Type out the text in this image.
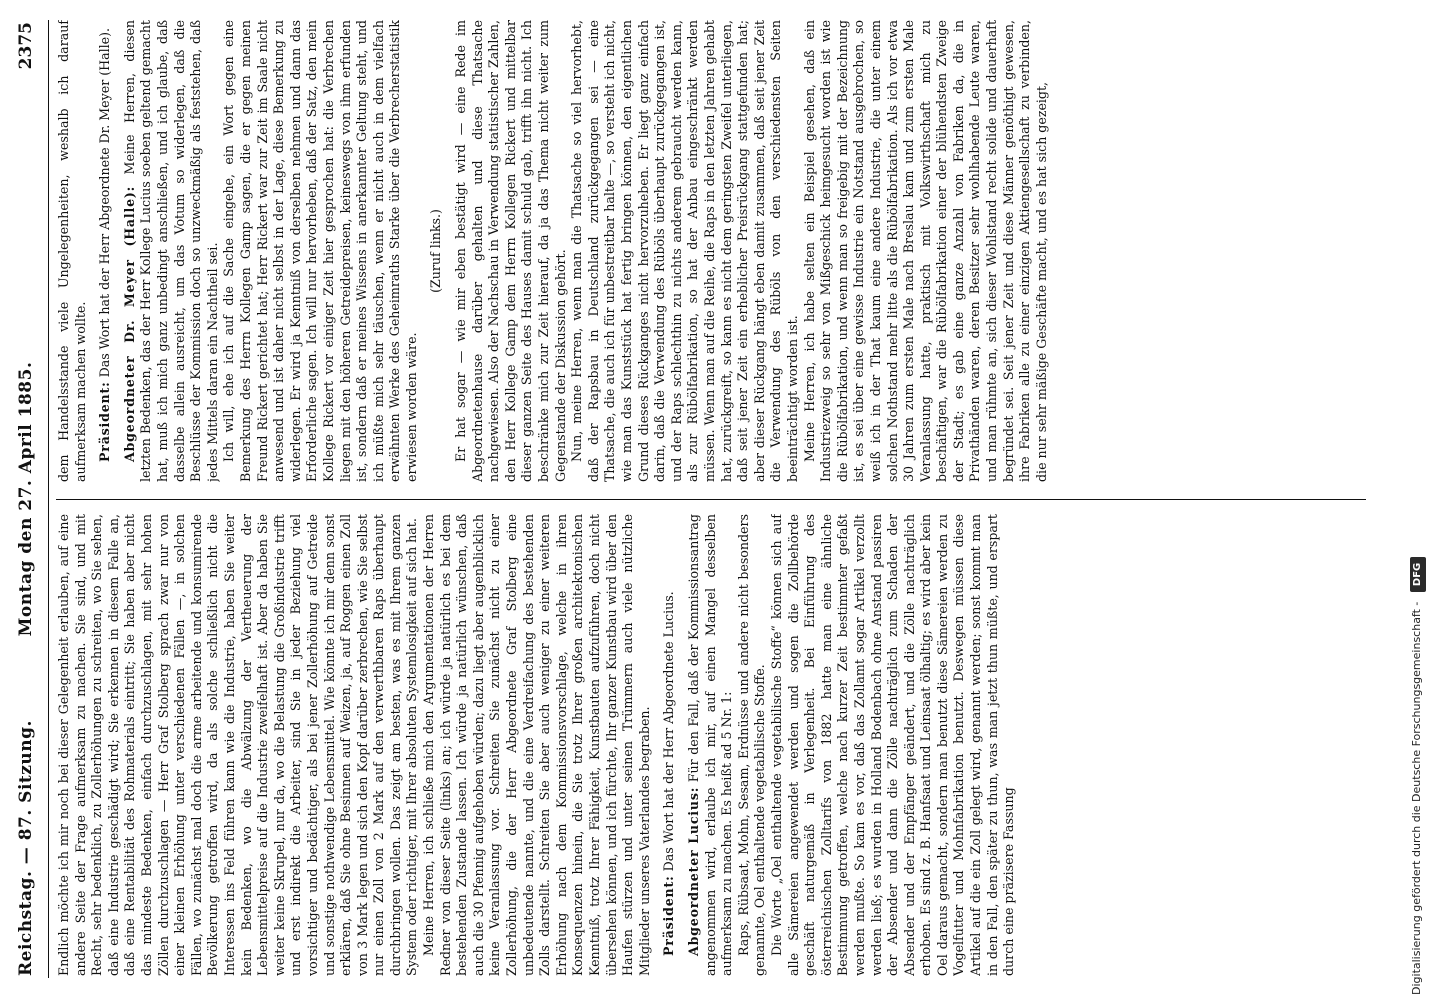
Reichstag. — 87. Sitzung.
Montag den 27. April 1885.
2375

Endlich möchte ich mir noch bei dieser Gelegenheit erlauben, auf eine andere Seite der Frage aufmerksam zu machen. Sie sind, und mit Recht, sehr bedenklich, zu Zollerhöhungen zu schreiten, wo Sie sehen, daß eine Industrie geschädigt wird; Sie erkennen in diesem Falle an, daß eine Rentabilität des Rohmaterials eintritt; Sie haben aber nicht das mindeste Bedenken, einfach durchzuschlagen, mit sehr hohen Zöllen durchzuschlagen — Herr Graf Stolberg sprach zwar nur von einer kleinen Erhöhung unter verschiedenen Fällen —, in solchen Fällen, wo zunächst mal doch die arme arbeitende und konsumirende Bevölkerung getroffen wird, da als solche schließlich nicht die Interessen ins Feld führen kann wie die Industrie, haben Sie weiter kein Bedenken, wo die Abwälzung der Vertheuerung der Lebensmittelpreise auf die Industrie zweifelhaft ist. Aber da haben Sie weiter keine Skrupel, nur da, wo die Belastung die Großindustrie trifft und erst indirekt die Arbeiter, sind Sie in jeder Beziehung viel vorsichtiger und bedächtiger, als bei jener Zollerhöhung auf Getreide und sonstige nothwendige Lebensmittel. Wie könnte ich mir denn sonst erklären, daß Sie ohne Besinnen auf Weizen, ja, auf Roggen einen Zoll von 3 Mark legen und sich den Kopf darüber zerbrechen, wie Sie selbst nur einen Zoll von 2 Mark auf den verwerthbaren Raps überhaupt durchbringen wollen. Das zeigt am besten, was es mit Ihrem ganzen System oder richtiger, mit Ihrer absoluten Systemlosigkeit auf sich hat. Meine Herren, ich schließe mich den Argumentationen der Herren Redner von dieser Seite (links) an; ich würde ja natürlich es bei dem bestehenden Zustande lassen. Ich würde ja natürlich wünschen, daß auch die 30 Pfennig aufgehoben würden; dazu liegt aber augenblicklich keine Veranlassung vor. Schreiten Sie zunächst nicht zu einer Zollerhöhung, die der Herr Abgeordnete Graf Stolberg eine unbedeutende nannte, und die eine Verdreifachung des bestehenden Zolls darstellt. Schreiten Sie aber auch weniger zu einer weiteren Erhöhung nach dem Kommissionsvorschlage, welche in ihren Konsequenzen hinein, die Sie trotz Ihrer großen architektonischen Kenntniß, trotz Ihrer Fähigkeit, Kunstbauten aufzuführen, doch nicht übersehen können, und ich fürchte, Ihr ganzer Kunstbau wird über den Haufen stürzen und unter seinen Trümmern auch viele nützliche Mitglieder unseres Vaterlandes begraben. Präsident: Das Wort hat der Herr Abgeordnete Lucius. Abgeordneter Lucius: Für den Fall, daß der Kommissionsantrag angenommen wird, erlaube ich mir, auf einen Mangel desselben aufmerksam zu machen. Es heißt ad 5 Nr. 1: Raps, Rübsaat, Mohn, Sesam, Erdnüsse und andere nicht besonders genannte, Oel enthaltende vegetabilische Stoffe. Die Worte „Oel enthaltende vegetabilische Stoffe“ können sich auf alle Sämereien angewendet werden und sogen die Zollbehörde geschäft naturgemäß in Verlegenheit. Bei Einführung des österreichischen Zolltarifs von 1882 hatte man eine ähnliche Bestimmung getroffen, welche nach kurzer Zeit bestimmter gefaßt werden mußte. So kam es vor, daß das Zollamt sogar Artikel verzollt werden ließ; es wurden in Holland Bodenbach ohne Anstand passiren der Absender und dann die Zölle nachträglich zum Schaden der Absender und der Empfänger geändert, und die Zölle nachträglich erhoben. Es sind z. B. Hanfsaat und Leinsaat ölhaltig; es wird aber kein Oel daraus gemacht, sondern man benutzt diese Sämereien werden zu Vogelfutter und Mohnfabrikation benutzt. Deswegen müssen diese Artikel auf die ein Zoll gelegt wird, genannt werden; sonst kommt man in den Fall, den später zu thun, was man jetzt thun müßte, und erspart durch eine präzisere Fassung

dem Handelsstande viele Ungelegenheiten, weshalb ich darauf aufmerksam machen wollte. Präsident: Das Wort hat der Herr Abgeordnete Dr. Meyer (Halle). Abgeordneter Dr. Meyer (Halle): Meine Herren, diesen letzten Bedenken, das der Herr Kollege Lucius soeben geltend gemacht hat, muß ich mich ganz unbedingt anschließen, und ich glaube, daß dasselbe allein ausreicht, um das Votum so widerlegen, daß die Beschlüsse der Kommission doch so unzweckmäßig als feststehen, daß jedes Mittels daran ein Nachtheil sei. Ich will, ehe ich auf die Sache eingehe, ein Wort gegen eine Bemerkung des Herrn Kollegen Gamp sagen, die er gegen meinen Freund Rickert gerichtet hat; Herr Rickert war zur Zeit im Saale nicht anwesend und ist daher nicht selbst in der Lage, diese Bemerkung zu widerlegen. Er wird ja Kenntniß von derselben nehmen und dann das Erforderliche sagen. Ich will nur hervorheben, daß der Satz, den mein Kollege Rickert vor einiger Zeit hier gesprochen hat: die Verbrechen liegen mit den höheren Getreidepreisen, keineswegs von ihm erfunden ist, sondern daß er meines Wissens in anerkannter Geltung steht, und ich müßte mich sehr täuschen, wenn er nicht auch in dem vielfach erwähnten Werke des Geheimraths Starke über die Verbrecherstatistik erwiesen worden wäre.

(Zuruf links.) Er hat sogar — wie mir eben bestätigt wird — eine Rede im Abgeordnetenhause darüber gehalten und diese Thatsache nachgewiesen. Also der Nachschau in Verwendung statistischer Zahlen, den Herr Kollege Gamp dem Herrn Kollegen Rickert und mittelbar dieser ganzen Seite des Hauses damit schuld gab, trifft ihn nicht. Ich beschränke mich zur Zeit hierauf, da ja das Thema nicht weiter zum Gegenstande der Diskussion gehört. Nun, meine Herren, wenn man die Thatsache so viel hervorhebt, daß der Rapsbau in Deutschland zurückgegangen sei — eine Thatsache, die auch ich für unbestreitbar halte —, so versteht ich nicht, wie man das Kunststück hat fertig bringen können, den eigentlichen Grund dieses Rückganges nicht hervorzuheben. Er liegt ganz einfach darin, daß die Verwendung des Rüböls überhaupt zurückgegangen ist, und der Raps schlechthin zu nichts anderem gebraucht werden kann, als zur Rübölfabrikation, so hat der Anbau eingeschränkt werden müssen. Wenn man auf die Reihe, die Raps in den letzten Jahren gehabt hat, zurückgreift, so kann es nicht dem geringsten Zweifel unterliegen, daß seit jener Zeit ein erheblicher Preisrückgang stattgefunden hat; aber dieser Rückgang hängt eben damit zusammen, daß seit jener Zeit die Verwendung des Rüböls von den verschiedensten Seiten beeinträchtigt worden ist. Meine Herren, ich habe selten ein Beispiel gesehen, daß ein Industriezweig so sehr von Mißgeschick heimgesucht worden ist wie die Rübölfabrikation, und wenn man so freigebig mit der Bezeichnung ist, es sei über eine gewisse Industrie ein Notstand ausgebrochen, so weiß ich in der That kaum eine andere Industrie, die unter einem solchen Nothstand mehr litte als die Rübölfabrikation. Als ich vor etwa 30 Jahren zum ersten Male nach Breslau kam und zum ersten Male Veranlassung hatte, praktisch mit Volkswirthschaft mich zu beschäftigen, war die Rübölfabrikation einer der blühendsten Zweige der Stadt; es gab eine ganze Anzahl von Fabriken da, die in Privathänden waren, deren Besitzer sehr wohlhabende Leute waren, und man rühmte an, sich dieser Wohlstand recht solide und dauerhaft begründet sei. Seit jener Zeit und diese Männer genöthigt gewesen, ihre Fabriken alle zu einer einzigen Aktiengesellschaft zu verbinden, die nur sehr mäßige Geschäfte macht, und es hat sich gezeigt,

Digitalisierung gefördert durch die Deutsche Forschungsgemeinschaft - DFG
